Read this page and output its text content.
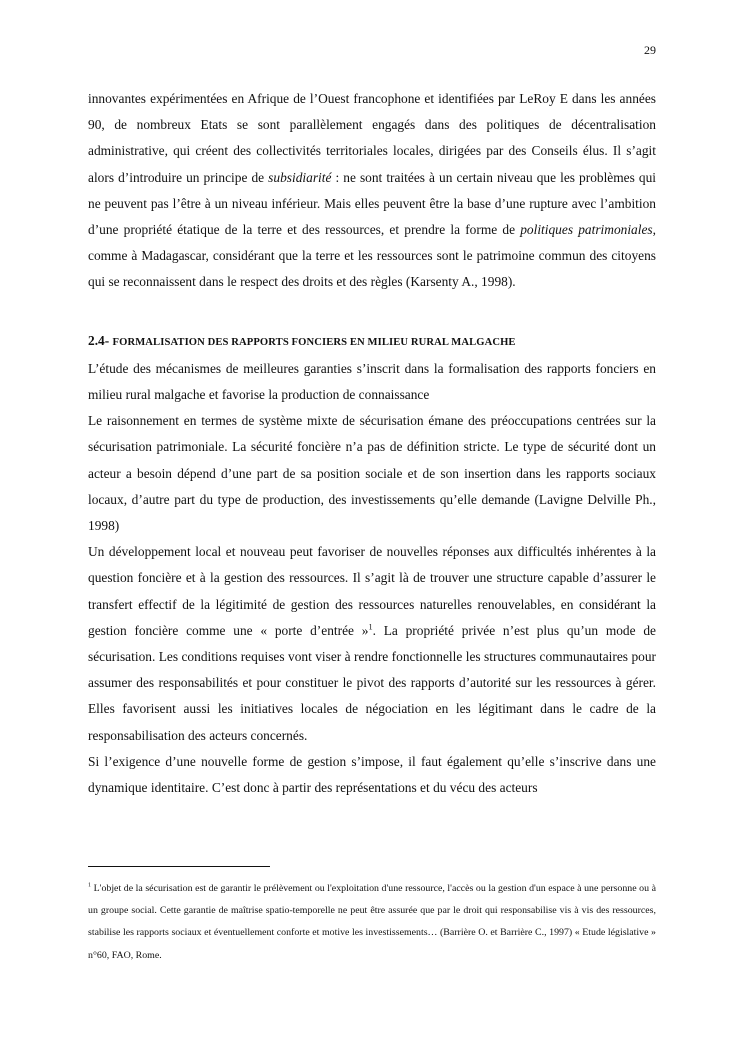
29

innovantes expérimentées en Afrique de l’Ouest francophone et identifiées par LeRoy E dans les années 90, de nombreux Etats se sont parallèlement engagés dans des politiques de décentralisation administrative, qui créent des collectivités territoriales locales, dirigées par des Conseils élus. Il s’agit alors d’introduire un principe de subsidiarité : ne sont traitées à un certain niveau que les problèmes qui ne peuvent pas l’être à un niveau inférieur. Mais elles peuvent être la base d’une rupture avec l’ambition d’une propriété étatique de la terre et des ressources, et prendre la forme de politiques patrimoniales, comme à Madagascar, considérant que la terre et les ressources sont le patrimoine commun des citoyens qui se reconnaissent dans le respect des droits et des règles (Karsenty A., 1998).

2.4- FORMALISATION DES RAPPORTS FONCIERS EN MILIEU RURAL MALGACHE

L’étude des mécanismes de meilleures garanties s’inscrit dans la formalisation des rapports fonciers en milieu rural malgache et favorise la production de connaissance

Le raisonnement en termes de système mixte de sécurisation émane des préoccupations centrées sur la sécurisation patrimoniale. La sécurité foncière n’a pas de définition stricte. Le type de sécurité dont un acteur a besoin dépend d’une part de sa position sociale et de son insertion dans les rapports sociaux locaux, d’autre part du type de production, des investissements qu’elle demande (Lavigne Delville Ph., 1998)

Un développement local et nouveau peut favoriser de nouvelles réponses aux difficultés inhérentes à la question foncière et à la gestion des ressources. Il s’agit là de trouver une structure capable d’assurer le transfert effectif de la légitimité de gestion des ressources naturelles renouvelables, en considérant la gestion foncière comme une « porte d’entrée »$^1$. La propriété privée n’est plus qu’un mode de sécurisation. Les conditions requises vont viser à rendre fonctionnelle les structures communautaires pour assumer des responsabilités et pour constituer le pivot des rapports d’autorité sur les ressources à gérer. Elles favorisent aussi les initiatives locales de négociation en les légitimant dans le cadre de la responsabilisation des acteurs concernés.

Si l’exigence d’une nouvelle forme de gestion s’impose, il faut également qu’elle s’inscrive dans une dynamique identitaire. C’est donc à partir des représentations et du vécu des acteurs

$^1$ L'objet de la sécurisation est de garantir le prélèvement ou l'exploitation d'une ressource, l'accès ou la gestion d'un espace à une personne ou à un groupe social. Cette garantie de maîtrise spatio-temporelle ne peut être assurée que par le droit qui responsabilise vis à vis des ressources, stabilise les rapports sociaux et éventuellement conforte et motive les investissements… (Barrière O. et Barrière C., 1997) « Etude législative » n°60, FAO, Rome.
